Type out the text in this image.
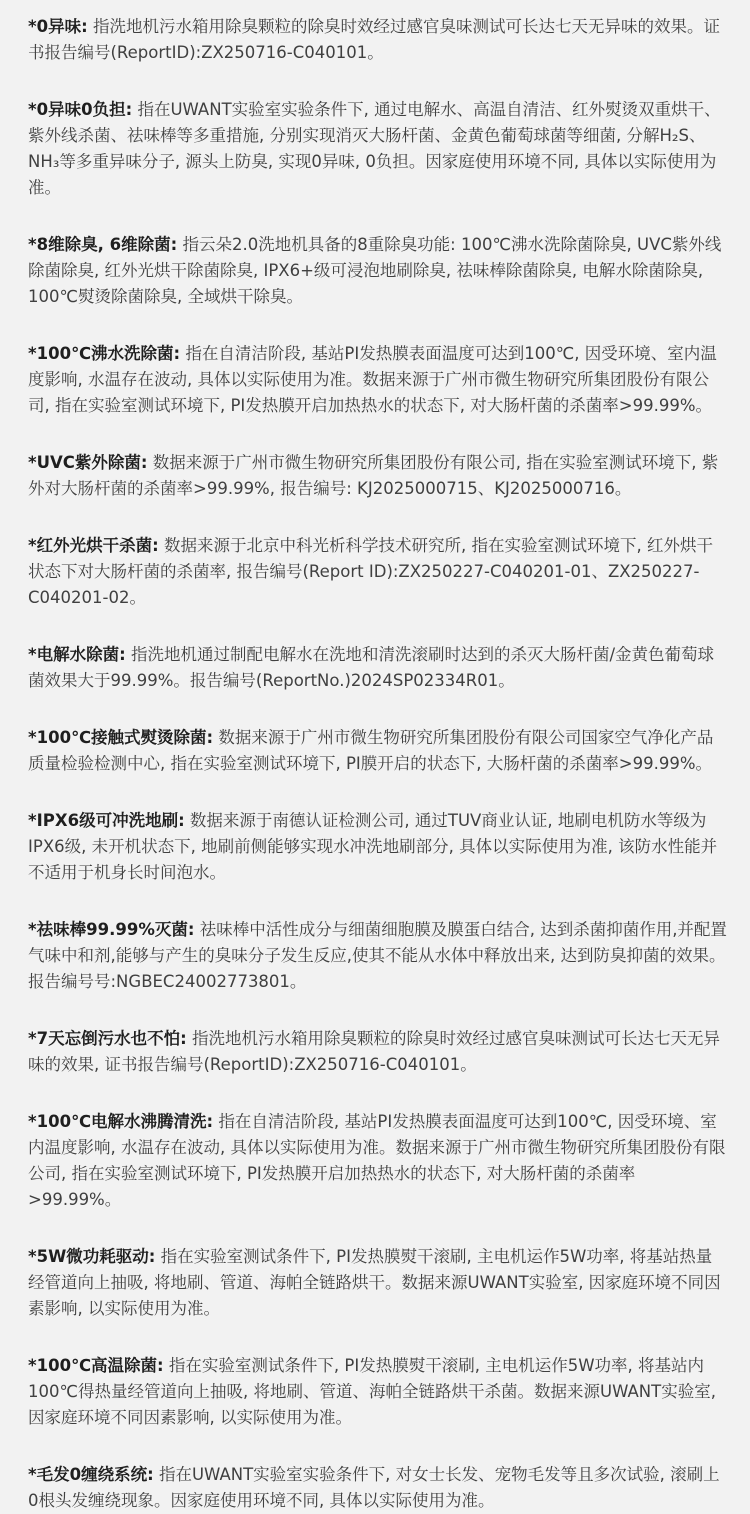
*0异味: 指洗地机污水箱用除臭颗粒的除臭时效经过感官臭味测试可长达七天无异味的效果。证书报告编号(ReportID):ZX250716-C040101。

*0异味0负担: 指在UWANT实验室实验条件下, 通过电解水、高温自清洁、红外熨烫双重烘干、紫外线杀菌、祛味棒等多重措施, 分别实现消灭大肠杆菌、金黄色葡萄球菌等细菌, 分解H₂S、NH₃等多重异味分子, 源头上防臭, 实现0异味, 0负担。因家庭使用环境不同, 具体以实际使用为准。

*8维除臭, 6维除菌: 指云朵2.0洗地机具备的8重除臭功能: 100℃沸水洗除菌除臭, UVC紫外线除菌除臭, 红外光烘干除菌除臭, IPX6+级可浸泡地刷除臭, 祛味棒除菌除臭, 电解水除菌除臭, 100℃熨烫除菌除臭, 全域烘干除臭。

*100℃沸水洗除菌: 指在自清洁阶段, 基站PI发热膜表面温度可达到100℃, 因受环境、室内温度影响, 水温存在波动, 具体以实际使用为准。数据来源于广州市微生物研究所集团股份有限公司, 指在实验室测试环境下, PI发热膜开启加热热水的状态下, 对大肠杆菌的杀菌率>99.99%。

*UVC紫外除菌: 数据来源于广州市微生物研究所集团股份有限公司, 指在实验室测试环境下, 紫外对大肠杆菌的杀菌率>99.99%, 报告编号: KJ2025000715、KJ2025000716。

*红外光烘干杀菌: 数据来源于北京中科光析科学技术研究所, 指在实验室测试环境下, 红外烘干状态下对大肠杆菌的杀菌率, 报告编号(Report ID):ZX250227-C040201-01、ZX250227-C040201-02。

*电解水除菌: 指洗地机通过制配电解水在洗地和清洗滚刷时达到的杀灭大肠杆菌/金黄色葡萄球菌效果大于99.99%。报告编号(ReportNo.)2024SP02334R01。

*100℃接触式熨烫除菌: 数据来源于广州市微生物研究所集团股份有限公司国家空气净化产品质量检验检测中心, 指在实验室测试环境下, PI膜开启的状态下, 大肠杆菌的杀菌率>99.99%。

*IPX6级可冲洗地刷: 数据来源于南德认证检测公司, 通过TUV商业认证, 地刷电机防水等级为IPX6级, 未开机状态下, 地刷前侧能够实现水冲洗地刷部分, 具体以实际使用为准, 该防水性能并不适用于机身长时间泡水。

*祛味棒99.99%灭菌: 祛味棒中活性成分与细菌细胞膜及膜蛋白结合, 达到杀菌抑菌作用,并配置气味中和剂,能够与产生的臭味分子发生反应,使其不能从水体中释放出来, 达到防臭抑菌的效果。报告编号号:NGBEC24002773801。

*7天忘倒污水也不怕: 指洗地机污水箱用除臭颗粒的除臭时效经过感官臭味测试可长达七天无异味的效果, 证书报告编号(ReportID):ZX250716-C040101。

*100℃电解水沸腾清洗: 指在自清洁阶段, 基站PI发热膜表面温度可达到100℃, 因受环境、室内温度影响, 水温存在波动, 具体以实际使用为准。数据来源于广州市微生物研究所集团股份有限公司, 指在实验室测试环境下, PI发热膜开启加热热水的状态下, 对大肠杆菌的杀菌率>99.99%。

*5W微功耗驱动: 指在实验室测试条件下, PI发热膜熨干滚刷, 主电机运作5W功率, 将基站热量经管道向上抽吸, 将地刷、管道、海帕全链路烘干。数据来源UWANT实验室, 因家庭环境不同因素影响, 以实际使用为准。

*100℃高温除菌: 指在实验室测试条件下, PI发热膜熨干滚刷, 主电机运作5W功率, 将基站内100℃得热量经管道向上抽吸, 将地刷、管道、海帕全链路烘干杀菌。数据来源UWANT实验室, 因家庭环境不同因素影响, 以实际使用为准。

*毛发0缠绕系统: 指在UWANT实验室实验条件下, 对女士长发、宠物毛发等且多次试验, 滚刷上0根头发缠绕现象。因家庭使用环境不同, 具体以实际使用为准。
